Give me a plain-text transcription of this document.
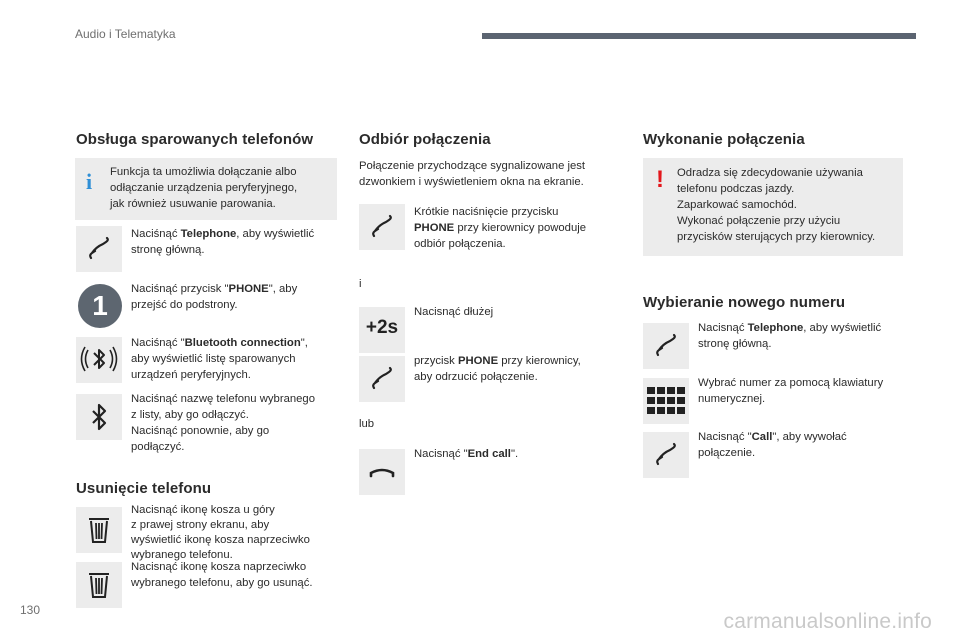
Audio i Telematyka
Obsługa sparowanych telefonów
i Funkcja ta umożliwia dołączanie albo
odłączanie urządzenia peryferyjnego,
jak również usuwanie parowania.
Naciśnąć Telephone, aby wyświetlić
stronę główną.
1
Naciśnąć przycisk "PHONE", aby
przejść do podstrony.
Naciśnąć "Bluetooth connection",
aby wyświetlić listę sparowanych
urządzeń peryferyjnych.
Naciśnąć nazwę telefonu wybranego
z listy, aby go odłączyć.
Naciśnąć ponownie, aby go
podłączyć.
Usunięcie telefonu
Nacisnąć ikonę kosza u góry
z prawej strony ekranu, aby
wyświetlić ikonę kosza naprzeciwko
wybranego telefonu.
Nacisnąć ikonę kosza naprzeciwko
wybranego telefonu, aby go usunąć.
Odbiór połączenia
Połączenie przychodzące sygnalizowane jest
dzwonkiem i wyświetleniem okna na ekranie.
Krótkie naciśnięcie przycisku
PHONE przy kierownicy powoduje
odbiór połączenia.
i
+2s
Nacisnąć dłużej
przycisk PHONE przy kierownicy,
aby odrzucić połączenie.
lub
Nacisnąć "End call".
Wykonanie połączenia
! Odradza się zdecydowanie używania
telefonu podczas jazdy.
Zaparkować samochód.
Wykonać połączenie przy użyciu
przycisków sterujących przy kierownicy.
Wybieranie nowego numeru
Nacisnąć Telephone, aby wyświetlić
stronę główną.
Wybrać numer za pomocą klawiatury
numerycznej.
Nacisnąć "Call", aby wywołać
połączenie.
130	carmanualsonline.info
